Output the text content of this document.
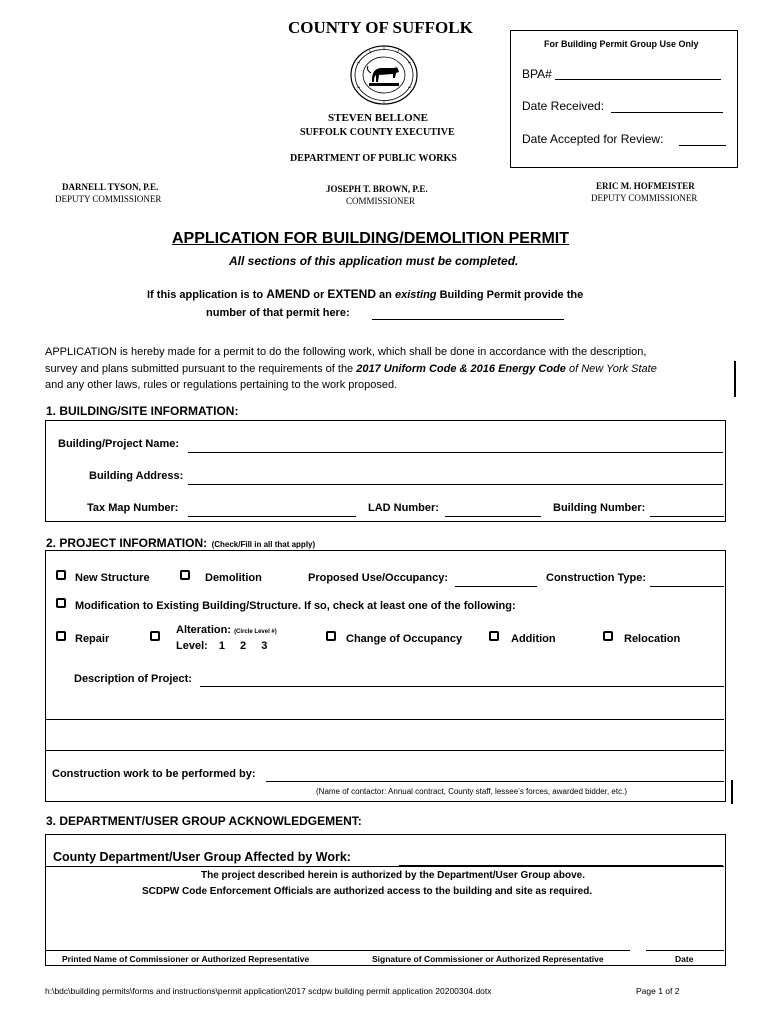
COUNTY OF SUFFOLK
STEVEN BELLONE
SUFFOLK COUNTY EXECUTIVE
DEPARTMENT OF PUBLIC WORKS
DARNELL TYSON, P.E.
DEPUTY COMMISSIONER
JOSEPH T. BROWN, P.E.
COMMISSIONER
ERIC M. HOFMEISTER
DEPUTY COMMISSIONER
For Building Permit Group Use Only
BPA#
Date Received:
Date Accepted for Review:
APPLICATION FOR BUILDING/DEMOLITION PERMIT
All sections of this application must be completed.
If this application is to AMEND or EXTEND an existing Building Permit provide the
number of that permit here:
APPLICATION is hereby made for a permit to do the following work, which shall be done in accordance with the description,
survey and plans submitted pursuant to the requirements of the 2017 Uniform Code & 2016 Energy Code of New York State
and any other laws, rules or regulations pertaining to the work proposed.
1. BUILDING/SITE INFORMATION:
Building/Project Name:
Building Address:
Tax Map Number:	LAD Number:	Building Number:
2. PROJECT INFORMATION: (Check/Fill in all that apply)
New Structure	Demolition	Proposed Use/Occupancy:	Construction Type:
Modification to Existing Building/Structure. If so, check at least one of the following:
Repair
Alteration: (Circle Level #)
Level: 1 2 3
Change of Occupancy	Addition	Relocation
Description of Project:
Construction work to be performed by:
(Name of contactor: Annual contract, County staff, lessee’s forces, awarded bidder, etc.)
3. DEPARTMENT/USER GROUP ACKNOWLEDGEMENT:
County Department/User Group Affected by Work:
The project described herein is authorized by the Department/User Group above.
SCDPW Code Enforcement Officials are authorized access to the building and site as required.
Printed Name of Commissioner or Authorized Representative	Signature of Commissioner or Authorized Representative	Date
h:\bdc\building permits\forms and instructions\permit application\2017 scdpw building permit application 20200304.dotx	Page 1 of 2
